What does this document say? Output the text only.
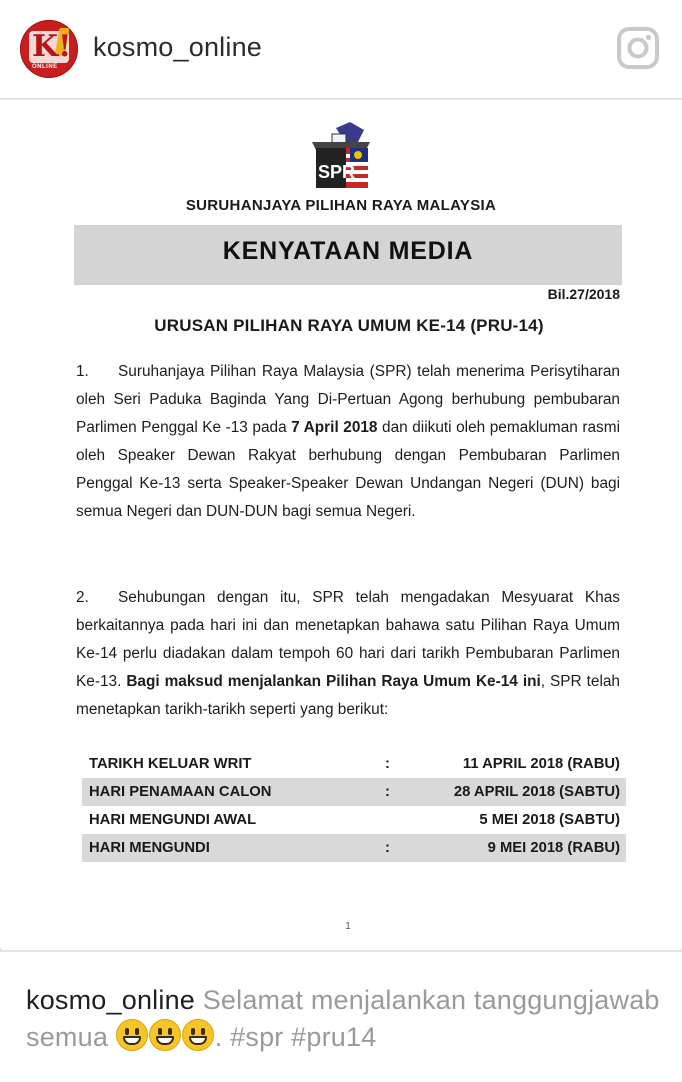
K!
ONLINE
kosmo_online
SPR
SURUHANJAYA PILIHAN RAYA MALAYSIA
KENYATAAN MEDIA
Bil.27/2018
URUSAN PILIHAN RAYA UMUM KE-14 (PRU-14)
1. Suruhanjaya Pilihan Raya Malaysia (SPR) telah menerima Perisytiharan oleh Seri Paduka Baginda Yang Di-Pertuan Agong berhubung pembubaran Parlimen Penggal Ke -13 pada 7 April 2018 dan diikuti oleh pemakluman rasmi oleh Speaker Dewan Rakyat berhubung dengan Pembubaran Parlimen Penggal Ke-13 serta Speaker-Speaker Dewan Undangan Negeri (DUN) bagi semua Negeri dan DUN-DUN bagi semua Negeri.
2. Sehubungan dengan itu, SPR telah mengadakan Mesyuarat Khas berkaitannya pada hari ini dan menetapkan bahawa satu Pilihan Raya Umum Ke-14 perlu diadakan dalam tempoh 60 hari dari tarikh Pembubaran Parlimen Ke-13. Bagi maksud menjalankan Pilihan Raya Umum Ke-14 ini, SPR telah menetapkan tarikh-tarikh seperti yang berikut:
TARIKH KELUAR WRIT	:	11 APRIL 2018 (RABU)
HARI PENAMAAN CALON	:	28 APRIL 2018 (SABTU)
HARI MENGUNDI AWAL	5 MEI 2018 (SABTU)
HARI MENGUNDI	:	9 MEI 2018 (RABU)
1
kosmo_online Selamat menjalankan tanggungjawab semua	. #spr #pru14
